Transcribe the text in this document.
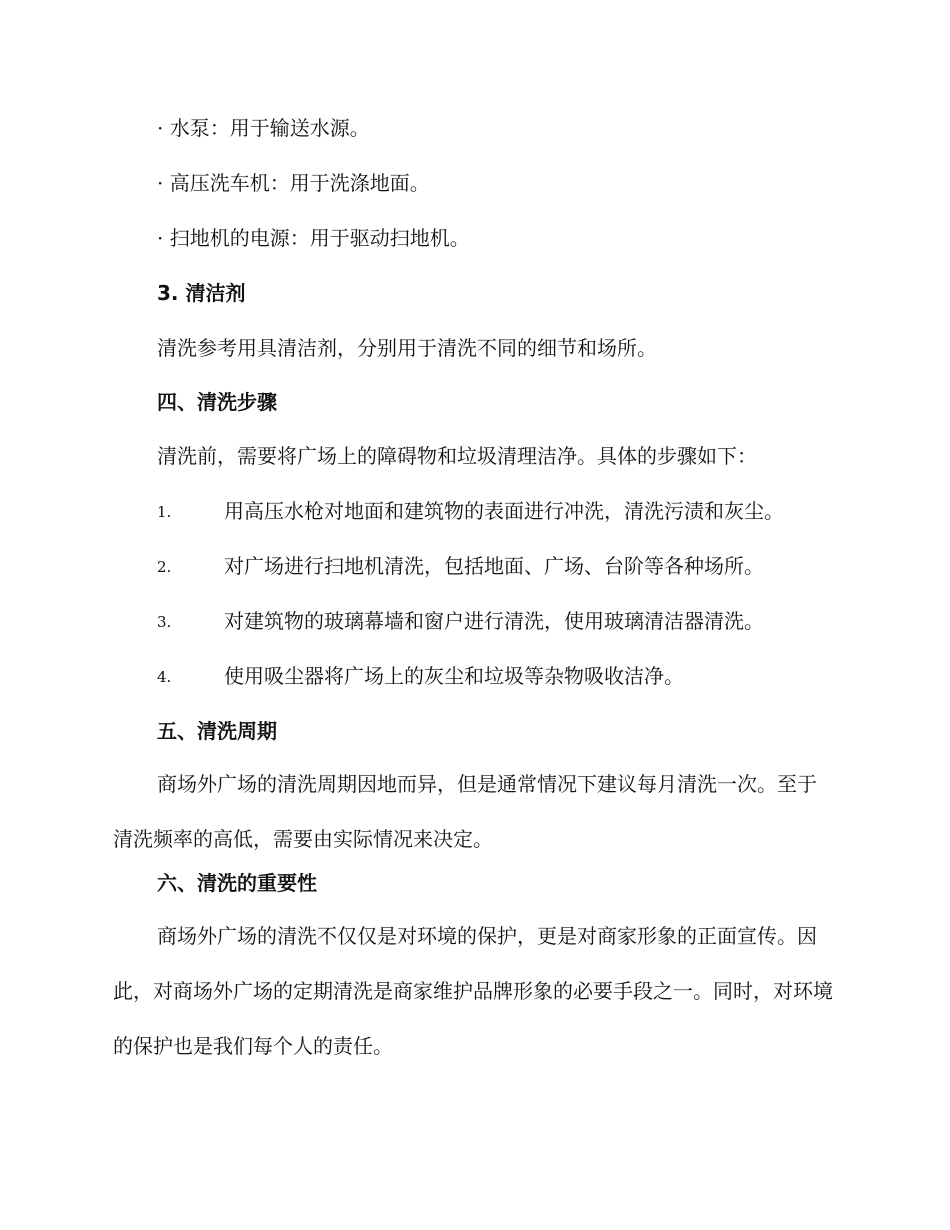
· 水泵：用于输送水源。
· 高压洗车机：用于洗涤地面。
· 扫地机的电源：用于驱动扫地机。
3. 清洁剂
清洗参考用具清洁剂，分别用于清洗不同的细节和场所。
四、清洗步骤
清洗前，需要将广场上的障碍物和垃圾清理洁净。具体的步骤如下：
1.	用高压水枪对地面和建筑物的表面进行冲洗，清洗污渍和灰尘。
2.	对广场进行扫地机清洗，包括地面、广场、台阶等各种场所。
3.	对建筑物的玻璃幕墙和窗户进行清洗，使用玻璃清洁器清洗。
4.	使用吸尘器将广场上的灰尘和垃圾等杂物吸收洁净。
五、清洗周期
商场外广场的清洗周期因地而异，但是通常情况下建议每月清洗一次。至于清洗频率的高低，需要由实际情况来决定。
六、清洗的重要性
商场外广场的清洗不仅仅是对环境的保护，更是对商家形象的正面宣传。因此，对商场外广场的定期清洗是商家维护品牌形象的必要手段之一。同时，对环境的保护也是我们每个人的责任。
